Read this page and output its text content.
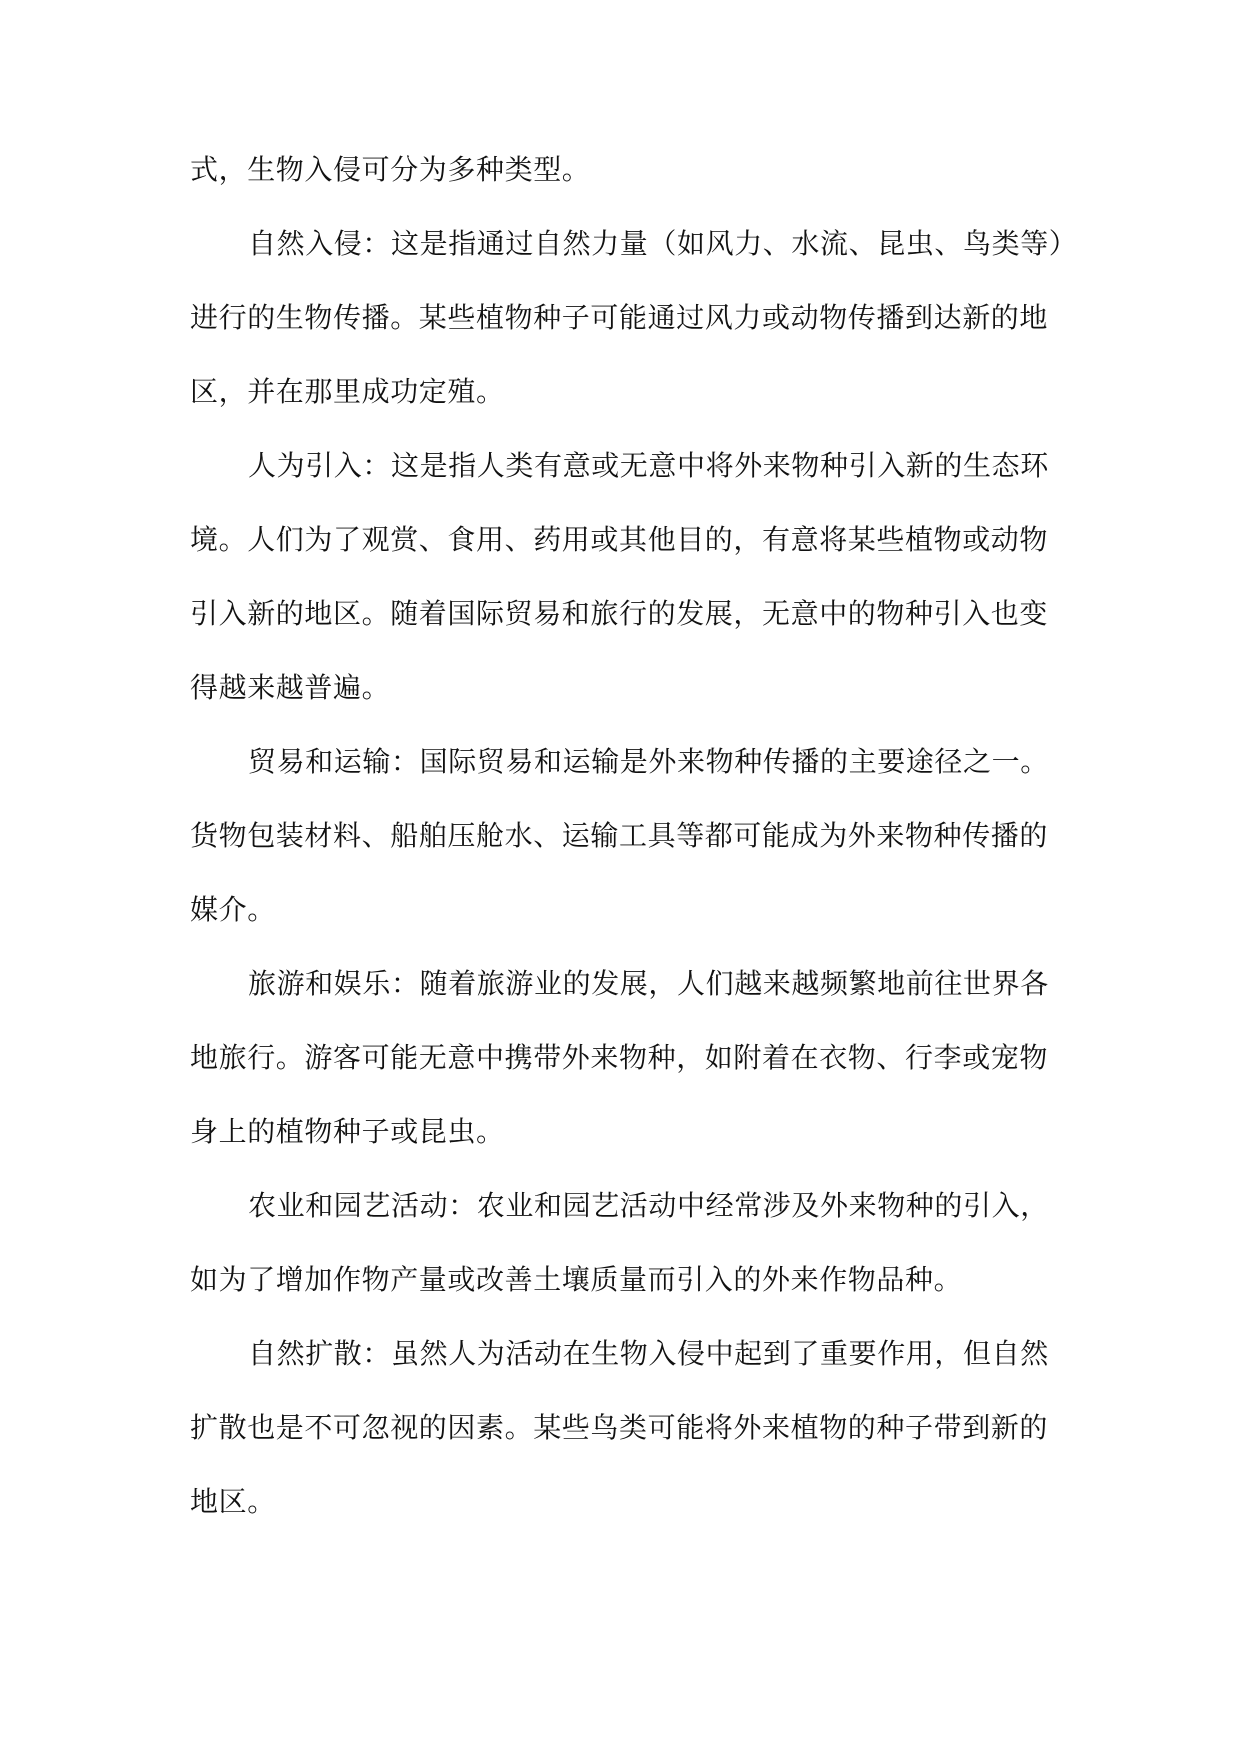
式，生物入侵可分为多种类型。
自然入侵：这是指通过自然力量（如风力、水流、昆虫、鸟类等）
进行的生物传播。某些植物种子可能通过风力或动物传播到达新的地
区，并在那里成功定殖。
人为引入：这是指人类有意或无意中将外来物种引入新的生态环
境。人们为了观赏、食用、药用或其他目的，有意将某些植物或动物
引入新的地区。随着国际贸易和旅行的发展，无意中的物种引入也变
得越来越普遍。
贸易和运输：国际贸易和运输是外来物种传播的主要途径之一。
货物包装材料、船舶压舱水、运输工具等都可能成为外来物种传播的
媒介。
旅游和娱乐：随着旅游业的发展，人们越来越频繁地前往世界各
地旅行。游客可能无意中携带外来物种，如附着在衣物、行李或宠物
身上的植物种子或昆虫。
农业和园艺活动：农业和园艺活动中经常涉及外来物种的引入，
如为了增加作物产量或改善土壤质量而引入的外来作物品种。
自然扩散：虽然人为活动在生物入侵中起到了重要作用，但自然
扩散也是不可忽视的因素。某些鸟类可能将外来植物的种子带到新的
地区。
